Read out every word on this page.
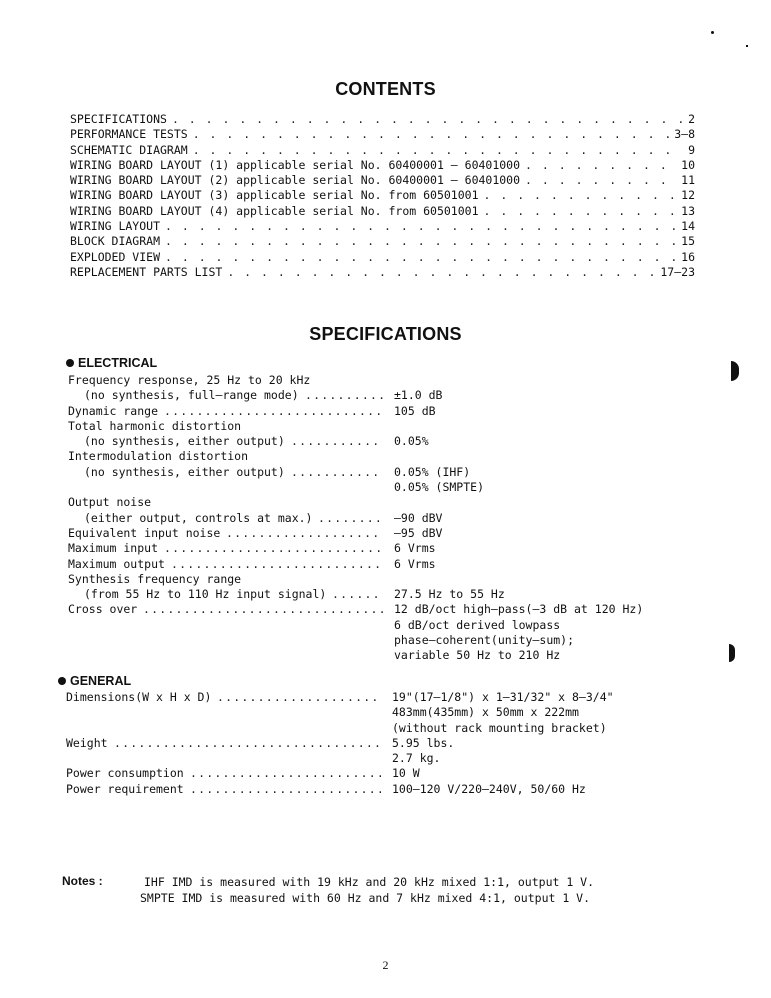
CONTENTS
SPECIFICATIONS . . .	2
PERFORMANCE TESTS . . .	3–8
SCHEMATIC DIAGRAM . . .	9
WIRING BOARD LAYOUT (1) applicable serial No. 60400001 – 60401000 . . .	10
WIRING BOARD LAYOUT (2) applicable serial No. 60400001 – 60401000 . . .	11
WIRING BOARD LAYOUT (3) applicable serial No. from 60501001 . . .	12
WIRING BOARD LAYOUT (4) applicable serial No. from 60501001 . . .	13
WIRING LAYOUT . . .	14
BLOCK DIAGRAM . . .	15
EXPLODED VIEW . . .	16
REPLACEMENT PARTS LIST . . .	17–23
SPECIFICATIONS
ELECTRICAL
Frequency response, 25 Hz to 20 kHz
(no synthesis, full–range mode) .....	±1.0 dB
Dynamic range .....	105 dB
Total harmonic distortion
(no synthesis, either output) .....	0.05%
Intermodulation distortion
(no synthesis, either output) .....	0.05% (IHF)
0.05% (SMPTE)
Output noise
(either output, controls at max.) .....	–90 dBV
Equivalent input noise .....	–95 dBV
Maximum input .....	6 Vrms
Maximum output .....	6 Vrms
Synthesis frequency range
(from 55 Hz to 110 Hz input signal) .....	27.5 Hz to 55 Hz
Cross over .....	12 dB/oct high–pass(–3 dB at 120 Hz)
6 dB/oct derived lowpass
phase–coherent(unity–sum);
variable 50 Hz to 210 Hz
GENERAL
Dimensions(W x H x D) .....	19"(17–1/8") x 1–31/32" x 8–3/4"
483mm(435mm) x 50mm x 222mm
(without rack mounting bracket)
Weight .....	5.95 lbs.
2.7 kg.
Power consumption .....	10 W
Power requirement .....	100–120 V/220–240V, 50/60 Hz
Notes :	IHF IMD is measured with 19 kHz and 20 kHz mixed 1:1, output 1 V.
SMPTE IMD is measured with 60 Hz and 7 kHz mixed 4:1, output 1 V.
2
